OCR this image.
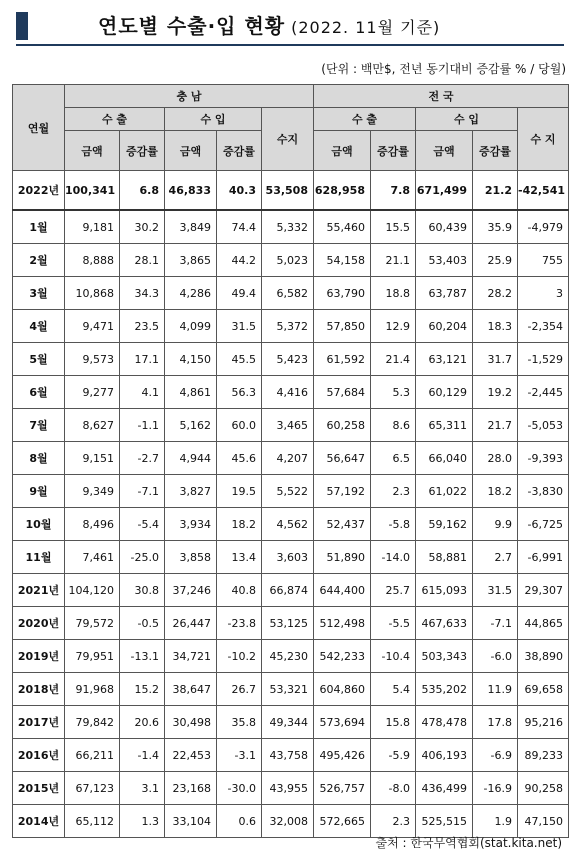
연도별 수출·입 현황 (2022. 11월 기준)
(단위 : 백만$, 전년 동기대비 증감률 % / 당월)
연월	충 남					전 국				
	수 출		수 입		수지	수 출		수 입		수 지
	금액	증감률	금액	증감률		금액	증감률	금액	증감률	
2022년	100,341	6.8	46,833	40.3	53,508	628,958	7.8	671,499	21.2	-42,541
1월	9,181	30.2	3,849	74.4	5,332	55,460	15.5	60,439	35.9	-4,979
2월	8,888	28.1	3,865	44.2	5,023	54,158	21.1	53,403	25.9	755
3월	10,868	34.3	4,286	49.4	6,582	63,790	18.8	63,787	28.2	3
4월	9,471	23.5	4,099	31.5	5,372	57,850	12.9	60,204	18.3	-2,354
5월	9,573	17.1	4,150	45.5	5,423	61,592	21.4	63,121	31.7	-1,529
6월	9,277	4.1	4,861	56.3	4,416	57,684	5.3	60,129	19.2	-2,445
7월	8,627	-1.1	5,162	60.0	3,465	60,258	8.6	65,311	21.7	-5,053
8월	9,151	-2.7	4,944	45.6	4,207	56,647	6.5	66,040	28.0	-9,393
9월	9,349	-7.1	3,827	19.5	5,522	57,192	2.3	61,022	18.2	-3,830
10월	8,496	-5.4	3,934	18.2	4,562	52,437	-5.8	59,162	9.9	-6,725
11월	7,461	-25.0	3,858	13.4	3,603	51,890	-14.0	58,881	2.7	-6,991
2021년	104,120	30.8	37,246	40.8	66,874	644,400	25.7	615,093	31.5	29,307
2020년	79,572	-0.5	26,447	-23.8	53,125	512,498	-5.5	467,633	-7.1	44,865
2019년	79,951	-13.1	34,721	-10.2	45,230	542,233	-10.4	503,343	-6.0	38,890
2018년	91,968	15.2	38,647	26.7	53,321	604,860	5.4	535,202	11.9	69,658
2017년	79,842	20.6	30,498	35.8	49,344	573,694	15.8	478,478	17.8	95,216
2016년	66,211	-1.4	22,453	-3.1	43,758	495,426	-5.9	406,193	-6.9	89,233
2015년	67,123	3.1	23,168	-30.0	43,955	526,757	-8.0	436,499	-16.9	90,258
2014년	65,112	1.3	33,104	0.6	32,008	572,665	2.3	525,515	1.9	47,150
출처 : 한국무역협회(stat.kita.net)
